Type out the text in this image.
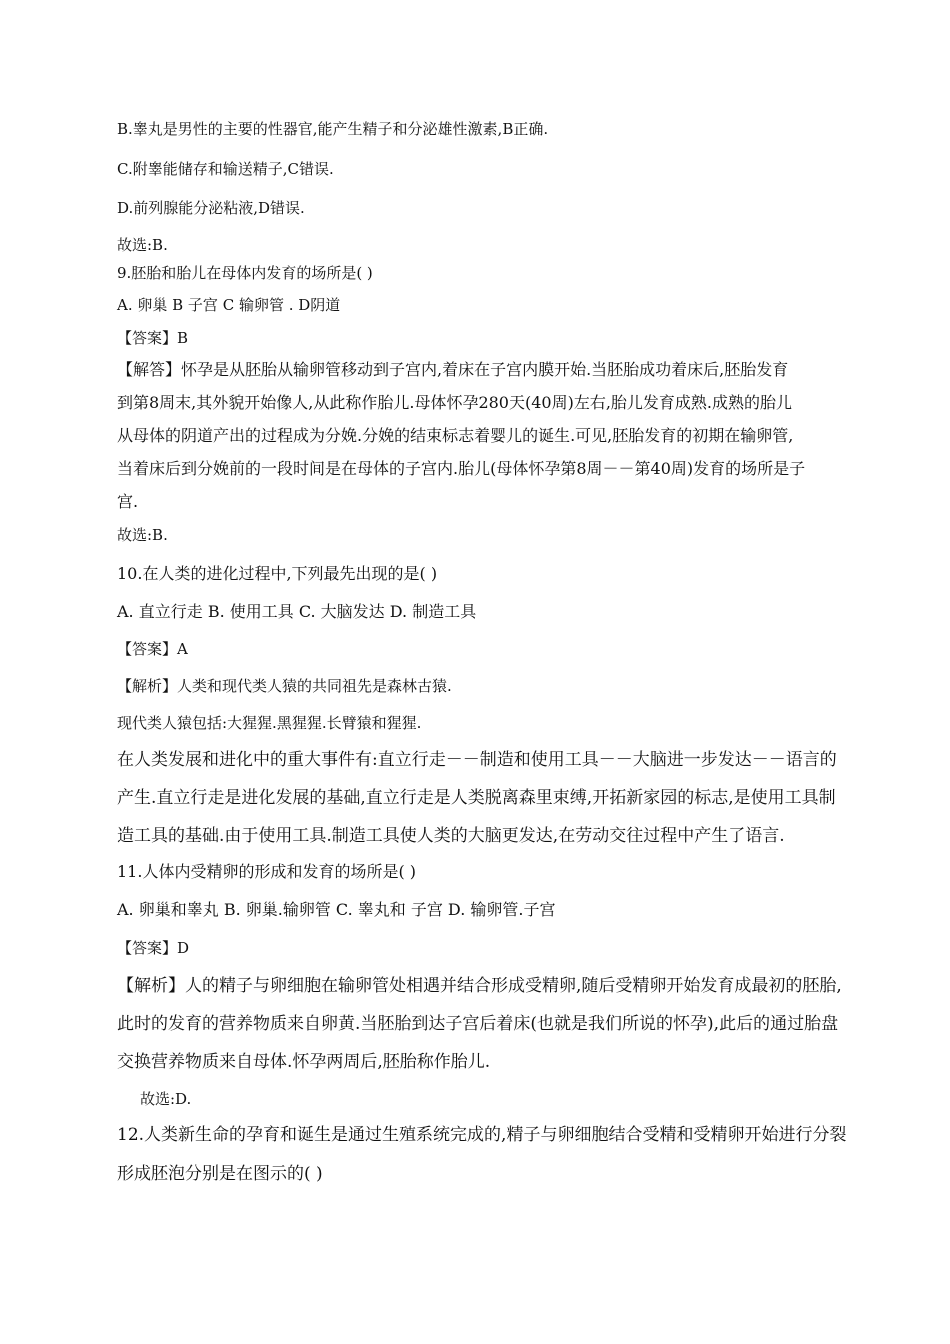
B.睾丸是男性的主要的性器官,能产生精子和分泌雄性激素,B正确.
C.附睾能储存和输送精子,C错误.
D.前列腺能分泌粘液,D错误.
故选:B.
9.胚胎和胎儿在母体内发育的场所是( )
A. 卵巢 B 子宫 C 输卵管 . D阴道
【答案】B
【解答】怀孕是从胚胎从输卵管移动到子宫内,着床在子宫内膜开始.当胚胎成功着床后,胚胎发育
到第8周末,其外貌开始像人,从此称作胎儿.母体怀孕280天(40周)左右,胎儿发育成熟.成熟的胎儿
从母体的阴道产出的过程成为分娩.分娩的结束标志着婴儿的诞生.可见,胚胎发育的初期在输卵管,
当着床后到分娩前的一段时间是在母体的子宫内.胎儿(母体怀孕第8周－－第40周)发育的场所是子
宫.
故选:B.
10.在人类的进化过程中,下列最先出现的是( )
A. 直立行走 B. 使用工具 C. 大脑发达 D. 制造工具
【答案】A
【解析】人类和现代类人猿的共同祖先是森林古猿.
现代类人猿包括:大猩猩.黑猩猩.长臂猿和猩猩.
在人类发展和进化中的重大事件有:直立行走－－制造和使用工具－－大脑进一步发达－－语言的
产生.直立行走是进化发展的基础,直立行走是人类脱离森里束缚,开拓新家园的标志,是使用工具制
造工具的基础.由于使用工具.制造工具使人类的大脑更发达,在劳动交往过程中产生了语言.
11.人体内受精卵的形成和发育的场所是( )
A. 卵巢和睾丸 B. 卵巢.输卵管 C. 睾丸和 子宫 D. 输卵管.子宫
【答案】D
【解析】人的精子与卵细胞在输卵管处相遇并结合形成受精卵,随后受精卵开始发育成最初的胚胎,
此时的发育的营养物质来自卵黄.当胚胎到达子宫后着床(也就是我们所说的怀孕),此后的通过胎盘
交换营养物质来自母体.怀孕两周后,胚胎称作胎儿.
故选:D.
12.人类新生命的孕育和诞生是通过生殖系统完成的,精子与卵细胞结合受精和受精卵开始进行分裂
形成胚泡分别是在图示的( )
